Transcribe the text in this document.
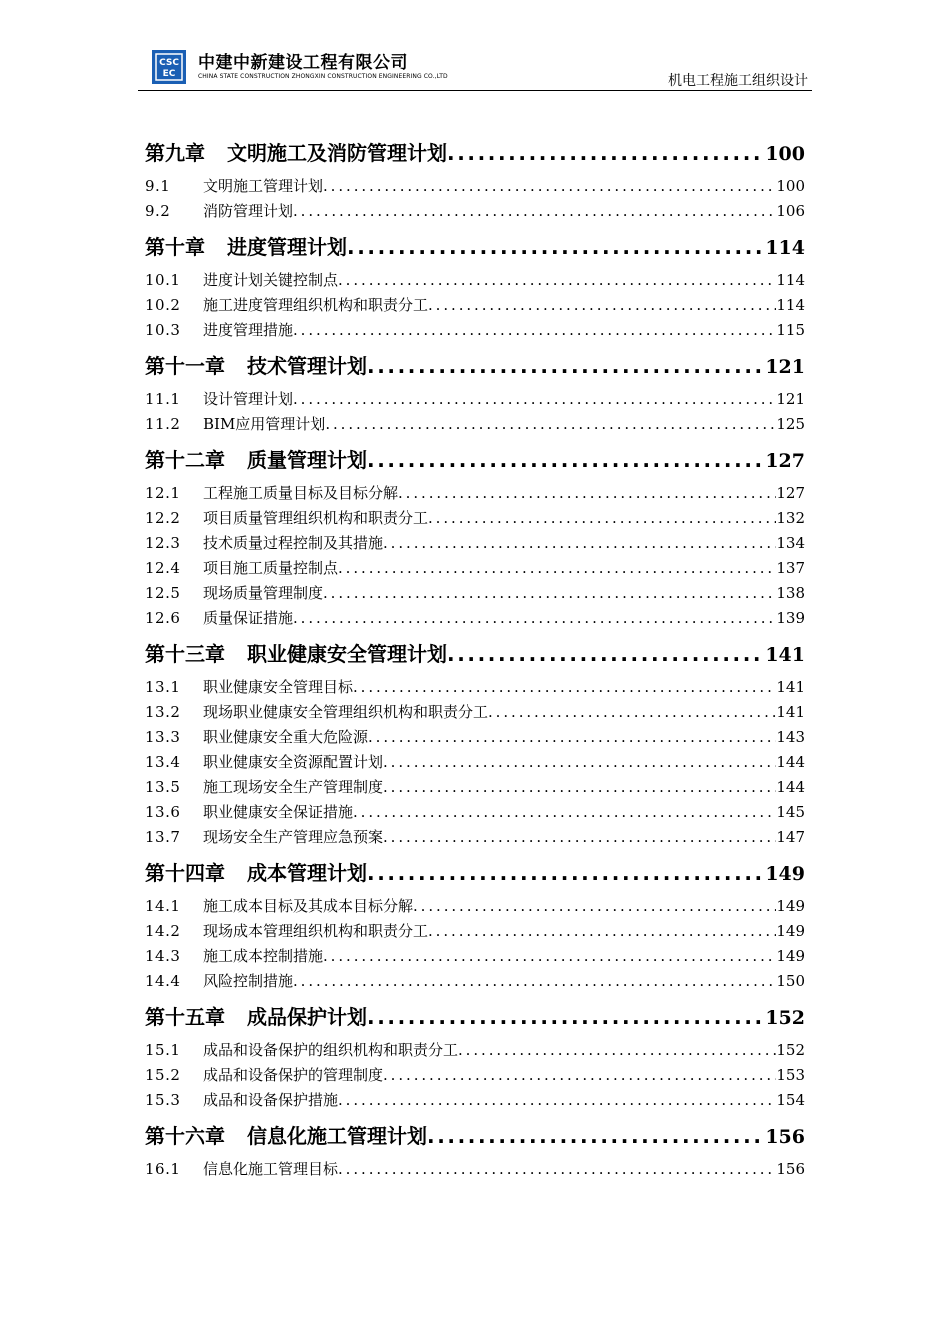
CSC
EC
中建中新建设工程有限公司
CHINA STATE CONSTRUCTION ZHONGXIN CONSTRUCTION ENGINEERING CO.,LTD	机电工程施工组织设计
第九章 文明施工及消防管理计划 .....	100
9.1	文明施工管理计划 .....	100
9.2	消防管理计划 .....	106
第十章 进度管理计划 .....	114
10.1	进度计划关键控制点 .....	114
10.2	施工进度管理组织机构和职责分工 .....	114
10.3	进度管理措施 .....	115
第十一章 技术管理计划 .....	121
11.1	设计管理计划 .....	121
11.2	BIM应用管理计划 .....	125
第十二章 质量管理计划 .....	127
12.1	工程施工质量目标及目标分解 .....	127
12.2	项目质量管理组织机构和职责分工 .....	132
12.3	技术质量过程控制及其措施 .....	134
12.4	项目施工质量控制点 .....	137
12.5	现场质量管理制度 .....	138
12.6	质量保证措施 .....	139
第十三章 职业健康安全管理计划 .....	141
13.1	职业健康安全管理目标 .....	141
13.2	现场职业健康安全管理组织机构和职责分工 .....	141
13.3	职业健康安全重大危险源 .....	143
13.4	职业健康安全资源配置计划 .....	144
13.5	施工现场安全生产管理制度 .....	144
13.6	职业健康安全保证措施 .....	145
13.7	现场安全生产管理应急预案 .....	147
第十四章 成本管理计划 .....	149
14.1	施工成本目标及其成本目标分解 .....	149
14.2	现场成本管理组织机构和职责分工 .....	149
14.3	施工成本控制措施 .....	149
14.4	风险控制措施 .....	150
第十五章 成品保护计划 .....	152
15.1	成品和设备保护的组织机构和职责分工 .....	152
15.2	成品和设备保护的管理制度 .....	153
15.3	成品和设备保护措施 .....	154
第十六章 信息化施工管理计划 .....	156
16.1	信息化施工管理目标 .....	156
